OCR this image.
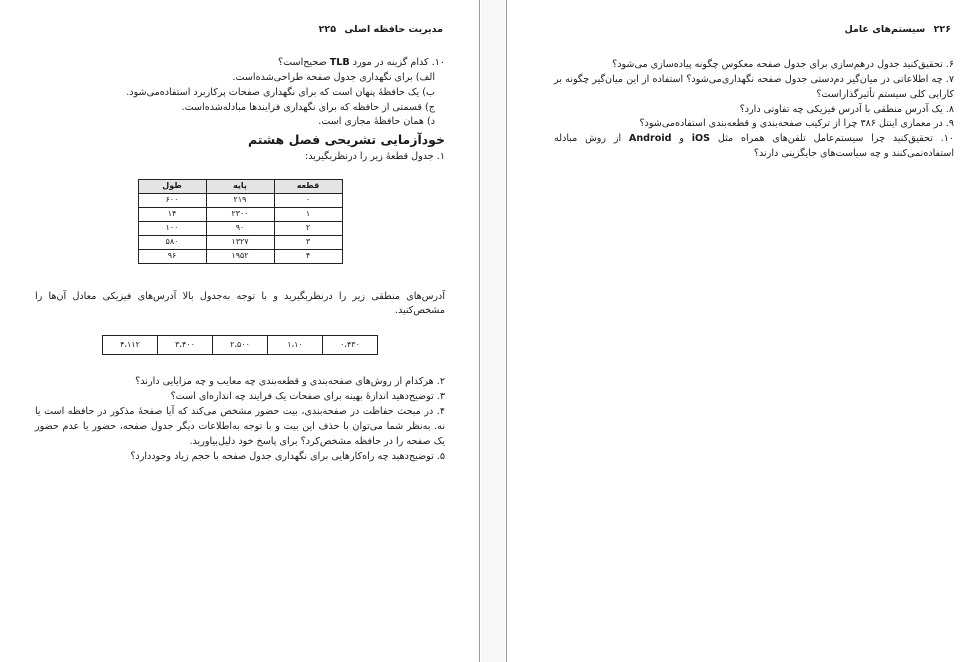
مدیریت حافظه اصلی ۲۲۵

۱۰. کدام گزینه در مورد TLB صحیح‌است؟

الف) برای نگهداری جدول صفحه طراحی‌شده‌است.

ب) یک حافظهٔ پنهان است که برای نگهداری صفحات پرکاربرد استفاده‌می‌شود.

ج) قسمتی از حافظه که برای نگهداری فرایندها مبادله‌شده‌است.

د) همان حافظهٔ مجازی است.

خودآزمایی تشریحی فصل هشتم

۱. جدول قطعهٔ زیر را درنظربگیرید:

قطعه	پایه	طول
۰	۲۱۹	۶۰۰
۱	۲۳۰۰	۱۴
۲	۹۰	۱۰۰
۳	۱۳۲۷	۵۸۰
۴	۱۹۵۲	۹۶

آدرس‌های منطقی زیر را درنظربگیرید و با توجه به‌جدول بالا آدرس‌های فیزیکی معادل آن‌ها را مشخص‌کنید.

۰،۴۳۰	۱،۱۰	۲،۵۰۰	۳،۴۰۰	۴،۱۱۲

۲. هرکدام از روش‌های صفحه‌بندی و قطعه‌بندی چه معایب و چه مزایایی دارند؟

۳. توضیح‌دهید اندازهٔ بهینه برای صفحات یک فرایند چه اندازه‌ای است؟

۴. در مبحث حفاظت در صفحه‌بندی، بیت حضور مشخص می‌کند که آیا صفحهٔ مذکور در حافظه است یا نه. به‌نظر شما می‌توان با حذف این بیت و با توجه به‌اطلاعات دیگر جدول صفحه، حضور یا عدم حضور یک صفحه را در حافظه مشخص‌کرد؟ برای پاسخ خود دلیل‌بیاورید.

۵. توضیح‌دهید چه راه‌کارهایی برای نگهداری جدول صفحه با حجم زیاد وجوددارد؟

۲۲۶ سیستم‌های عامل

۶. تحقیق‌کنید جدول درهم‌سازی برای جدول صفحه معکوس چگونه پیاده‌سازی می‌شود؟

۷. چه اطلاعاتی در میان‌گیر دم‌دستی جدول صفحه نگهداری‌می‌شود؟ استفاده از این میان‌گیر چگونه بر کارایی کلی سیستم تأثیر‌گذاراست؟

۸. یک آدرس منطقی با آدرس فیزیکی چه تفاوتی دارد؟

۹. در معماری اینتل ۳۸۶ چرا از ترکیب صفحه‌بندی و قطعه‌بندی استفاده‌می‌شود؟

۱۰. تحقیق‌کنید چرا سیستم‌عامل تلفن‌های همراه مثل iOS و Android از روش مبادله استفاده‌نمی‌کنند و چه سیاست‌های جایگزینی دارند؟
